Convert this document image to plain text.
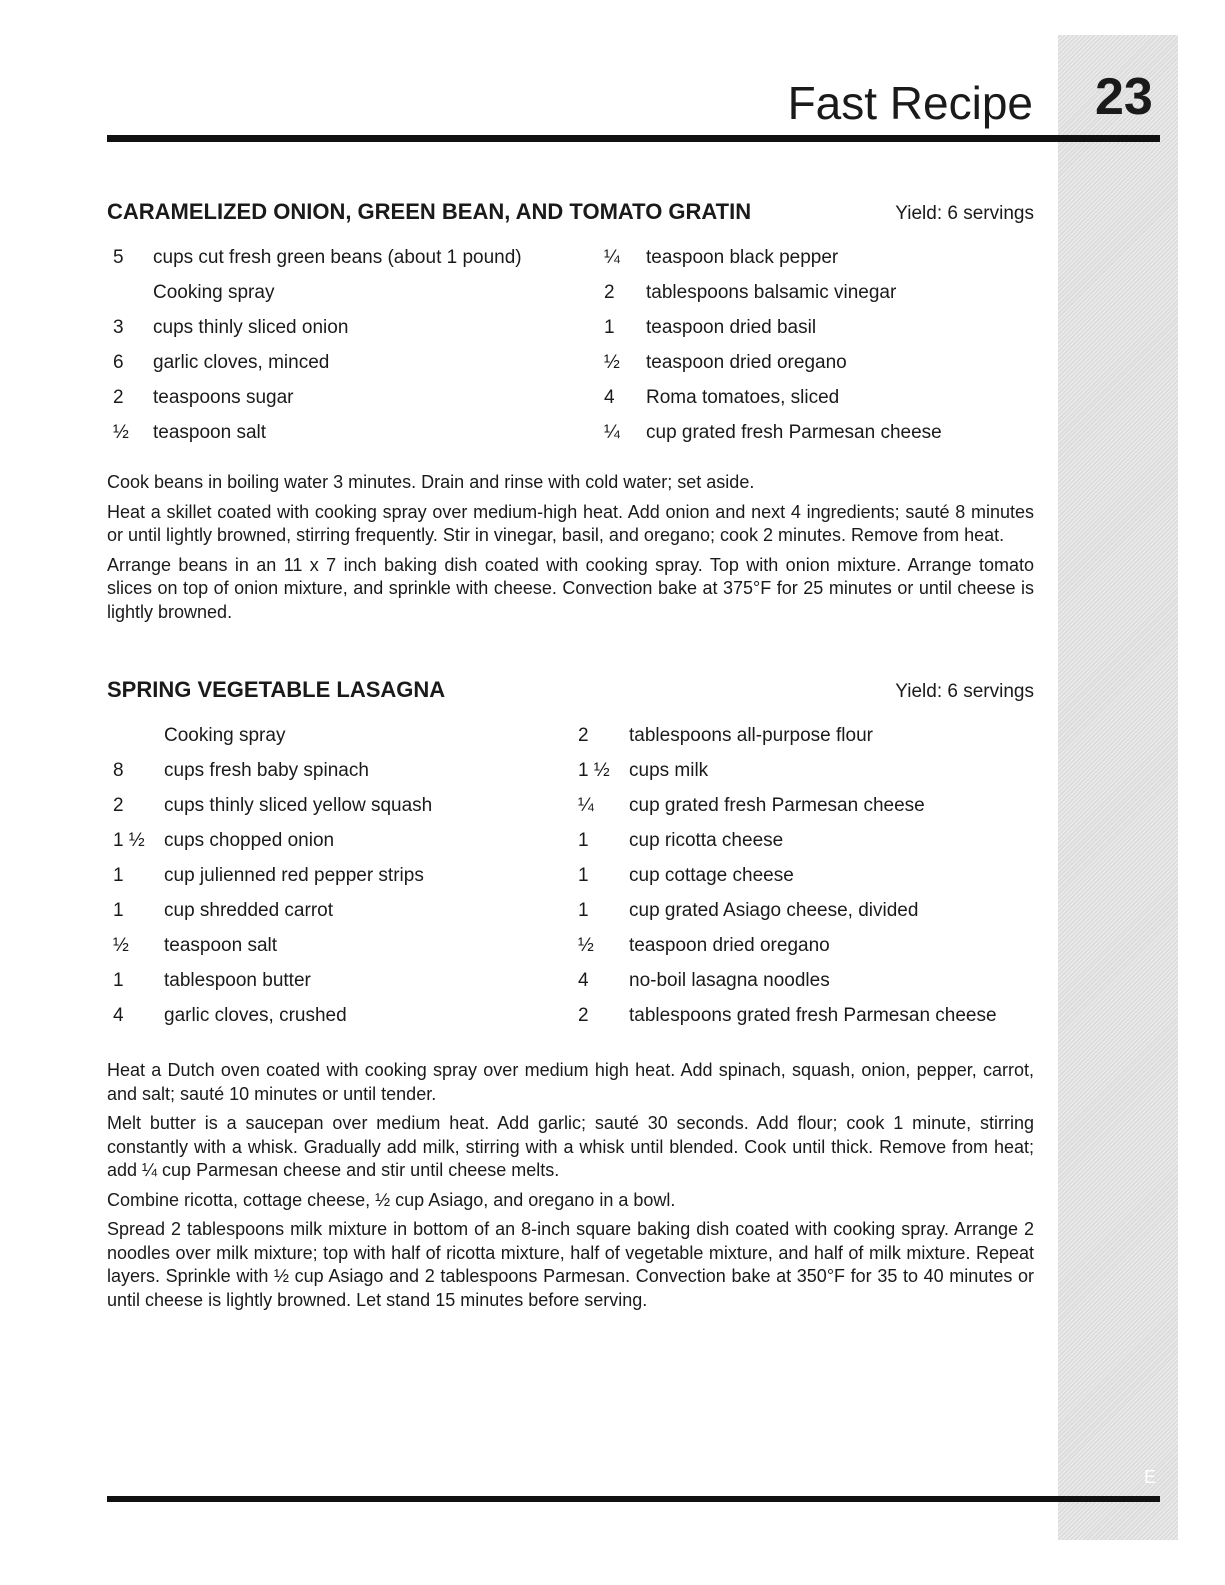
E
Fast Recipe 23
CARAMELIZED ONION, GREEN BEAN, AND TOMATO GRATIN	Yield: 6 servings
5	cups cut fresh green beans (about 1 pound)
Cooking spray
3	cups thinly sliced onion
6	garlic cloves, minced
2	teaspoons sugar
½	teaspoon salt
¼	teaspoon black pepper
2	tablespoons balsamic vinegar
1	teaspoon dried basil
½	teaspoon dried oregano
4	Roma tomatoes, sliced
¼	cup grated fresh Parmesan cheese

Cook beans in boiling water 3 minutes. Drain and rinse with cold water; set aside.

Heat a skillet coated with cooking spray over medium-high heat. Add onion and next 4 ingredients; sauté 8 minutes or until lightly browned, stirring frequently. Stir in vinegar, basil, and oregano; cook 2 minutes. Remove from heat.

Arrange beans in an 11 x 7 inch baking dish coated with cooking spray. Top with onion mixture. Arrange tomato slices on top of onion mixture, and sprinkle with cheese. Convection bake at 375°F for 25 minutes or until cheese is lightly browned.

SPRING VEGETABLE LASAGNA	Yield: 6 servings
Cooking spray
8	cups fresh baby spinach
2	cups thinly sliced yellow squash
1 ½	cups chopped onion
1	cup julienned red pepper strips
1	cup shredded carrot
½	teaspoon salt
1	tablespoon butter
4	garlic cloves, crushed
2	tablespoons all-purpose flour
1 ½	cups milk
¼	cup grated fresh Parmesan cheese
1	cup ricotta cheese
1	cup cottage cheese
1	cup grated Asiago cheese, divided
½	teaspoon dried oregano
4	no-boil lasagna noodles
2	tablespoons grated fresh Parmesan cheese

Heat a Dutch oven coated with cooking spray over medium high heat. Add spinach, squash, onion, pepper, carrot, and salt; sauté 10 minutes or until tender.

Melt butter is a saucepan over medium heat. Add garlic; sauté 30 seconds. Add flour; cook 1 minute, stirring constantly with a whisk. Gradually add milk, stirring with a whisk until blended. Cook until thick. Remove from heat; add ¼ cup Parmesan cheese and stir until cheese melts.

Combine ricotta, cottage cheese, ½ cup Asiago, and oregano in a bowl.

Spread 2 tablespoons milk mixture in bottom of an 8-inch square baking dish coated with cooking spray. Arrange 2 noodles over milk mixture; top with half of ricotta mixture, half of vegetable mixture, and half of milk mixture. Repeat layers. Sprinkle with ½ cup Asiago and 2 tablespoons Parmesan. Convection bake at 350°F for 35 to 40 minutes or until cheese is lightly browned. Let stand 15 minutes before serving.
